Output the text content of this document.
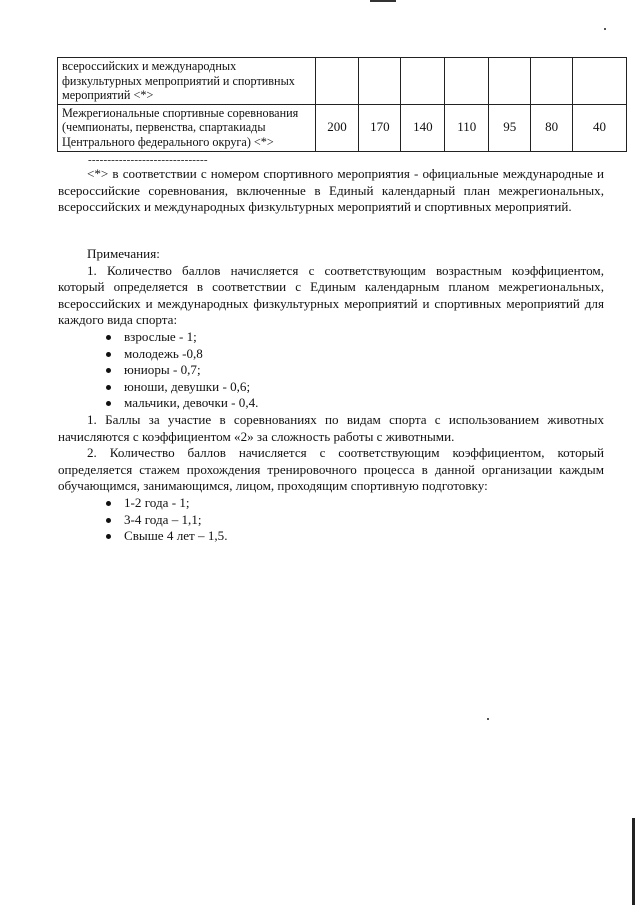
всероссийских и международных физкультурных мепроприятий и спортивных мероприятий <*>							
Межрегиональные спортивные соревнования (чемпионаты, первенства, спартакиады Центрального федерального округа) <*>	200	170	140	110	95	80	40
-------------------------------

<*> в соответствии с номером спортивного мероприятия - официальные международные и всероссийские соревнования, включенные в Единый календарный план межрегиональных, всероссийских и международных физкультурных мероприятий и спортивных мероприятий.

Примечания:

1. Количество баллов начисляется с соответствующим возрастным коэффициентом, который определяется в соответствии с Единым календарным планом межрегиональных, всероссийских и международных физкультурных мероприятий и спортивных мероприятий для каждого вида спорта:

взрослые - 1;
молодежь -0,8
юниоры - 0,7;
юноши, девушки - 0,6;
мальчики, девочки - 0,4.

1. Баллы за участие в соревнованиях по видам спорта с использованием животных начисляются с коэффициентом «2» за сложность работы с животными.

2. Количество баллов начисляется с соответствующим коэффициентом, который определяется стажем прохождения тренировочного процесса в данной организации каждым обучающимся, занимающимся, лицом, проходящим спортивную подготовку:

1-2 года - 1;
3-4 года – 1,1;
Свыше 4 лет – 1,5.
